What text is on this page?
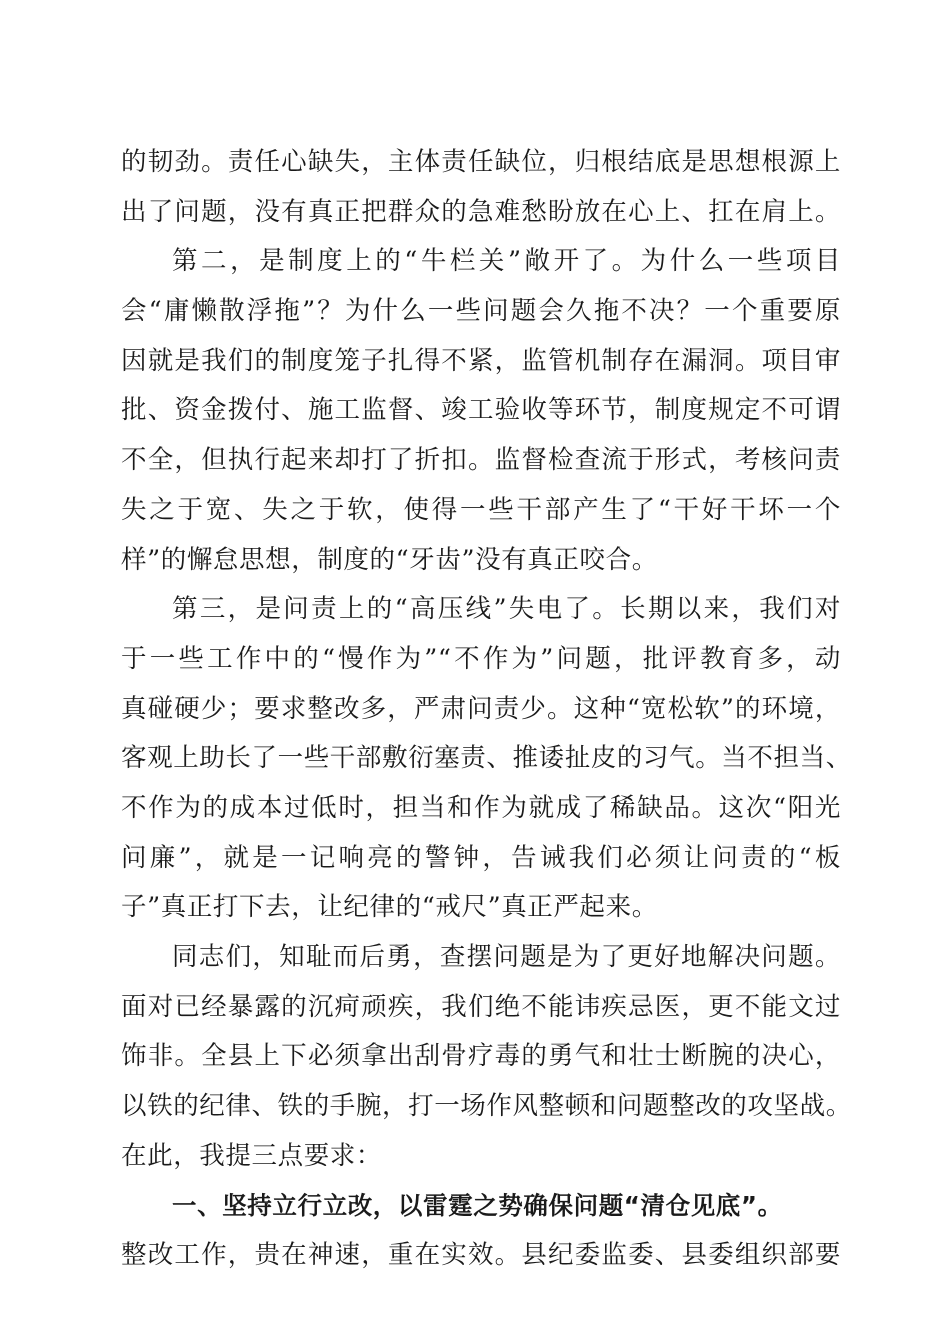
的韧劲。责任心缺失，主体责任缺位，归根结底是思想根源上
出了问题，没有真正把群众的急难愁盼放在心上、扛在肩上。
第二，是制度上的“牛栏关”敞开了。为什么一些项目
会“庸懒散浮拖”？为什么一些问题会久拖不决？一个重要原
因就是我们的制度笼子扎得不紧，监管机制存在漏洞。项目审
批、资金拨付、施工监督、竣工验收等环节，制度规定不可谓
不全，但执行起来却打了折扣。监督检查流于形式，考核问责
失之于宽、失之于软，使得一些干部产生了“干好干坏一个
样”的懈怠思想，制度的“牙齿”没有真正咬合。
第三，是问责上的“高压线”失电了。长期以来，我们对
于一些工作中的“慢作为”“不作为”问题，批评教育多，动
真碰硬少；要求整改多，严肃问责少。这种“宽松软”的环境，
客观上助长了一些干部敷衍塞责、推诿扯皮的习气。当不担当、
不作为的成本过低时，担当和作为就成了稀缺品。这次“阳光
问廉”，就是一记响亮的警钟，告诫我们必须让问责的“板
子”真正打下去，让纪律的“戒尺”真正严起来。
同志们，知耻而后勇，查摆问题是为了更好地解决问题。
面对已经暴露的沉疴顽疾，我们绝不能讳疾忌医，更不能文过
饰非。全县上下必须拿出刮骨疗毒的勇气和壮士断腕的决心，
以铁的纪律、铁的手腕，打一场作风整顿和问题整改的攻坚战。
在此，我提三点要求：
一、坚持立行立改，以雷霆之势确保问题“清仓见底”。
整改工作，贵在神速，重在实效。县纪委监委、县委组织部要
